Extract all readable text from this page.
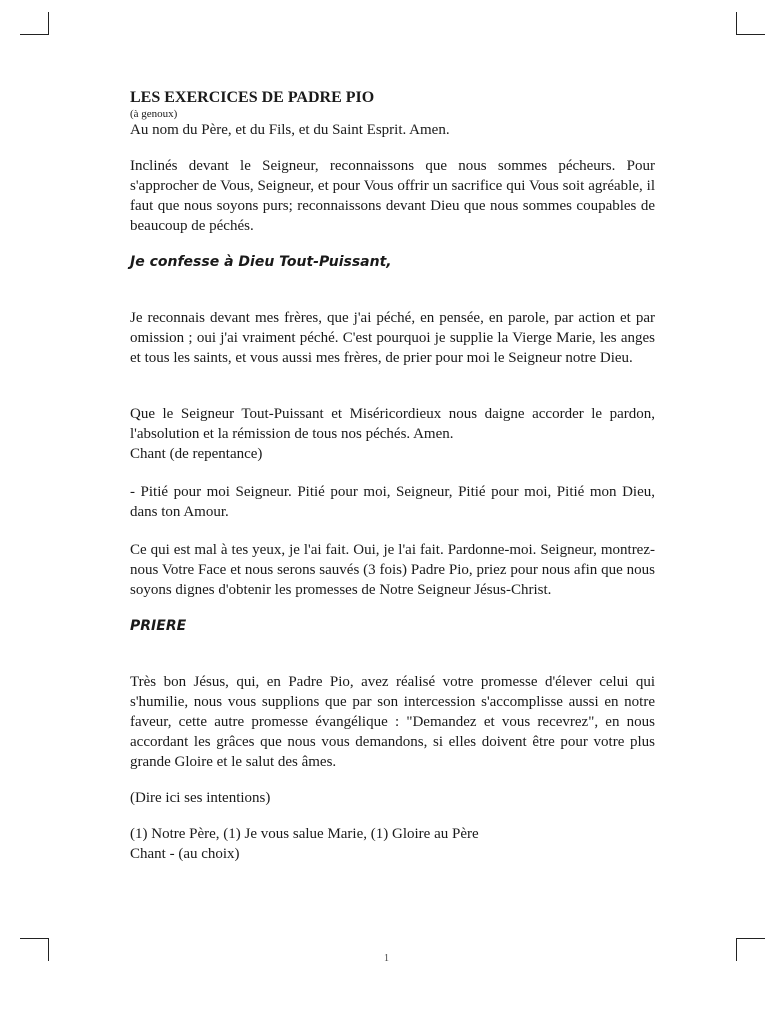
LES EXERCICES DE PADRE PIO

(à genoux)

Au nom du Père, et du Fils, et du Saint Esprit. Amen.

Inclinés devant le Seigneur, reconnaissons que nous sommes pécheurs. Pour s'approcher de Vous, Seigneur, et pour Vous offrir un sacrifice qui Vous soit agréable, il faut que nous soyons purs; reconnaissons devant Dieu que nous sommes coupables de beaucoup de péchés.

Je confesse à Dieu Tout-Puissant,

Je reconnais devant mes frères, que j'ai péché, en pensée, en parole, par action et par omission ; oui j'ai vraiment péché. C'est pourquoi je supplie la Vierge Marie, les anges et tous les saints, et vous aussi mes frères, de prier pour moi le Seigneur notre Dieu.

Que le Seigneur Tout-Puissant et Miséricordieux nous daigne accorder le pardon, l'absolution et la rémission de tous nos péchés. Amen.

Chant (de repentance)

- Pitié pour moi Seigneur. Pitié pour moi, Seigneur, Pitié pour moi, Pitié mon Dieu, dans ton Amour.

Ce qui est mal à tes yeux, je l'ai fait. Oui, je l'ai fait. Pardonne-moi. Seigneur, montrez-nous Votre Face et nous serons sauvés (3 fois) Padre Pio, priez pour nous afin que nous soyons dignes d'obtenir les promesses de Notre Seigneur Jésus-Christ.

PRIERE

Très bon Jésus, qui, en Padre Pio, avez réalisé votre promesse d'élever celui qui s'humilie, nous vous supplions que par son intercession s'accomplisse aussi en notre faveur, cette autre promesse évangélique : "Demandez et vous recevrez", en nous accordant les grâces que nous vous demandons, si elles doivent être pour votre plus grande Gloire et le salut des âmes.

(Dire ici ses intentions)

(1) Notre Père, (1) Je vous salue Marie, (1) Gloire au Père

Chant - (au choix)

1
